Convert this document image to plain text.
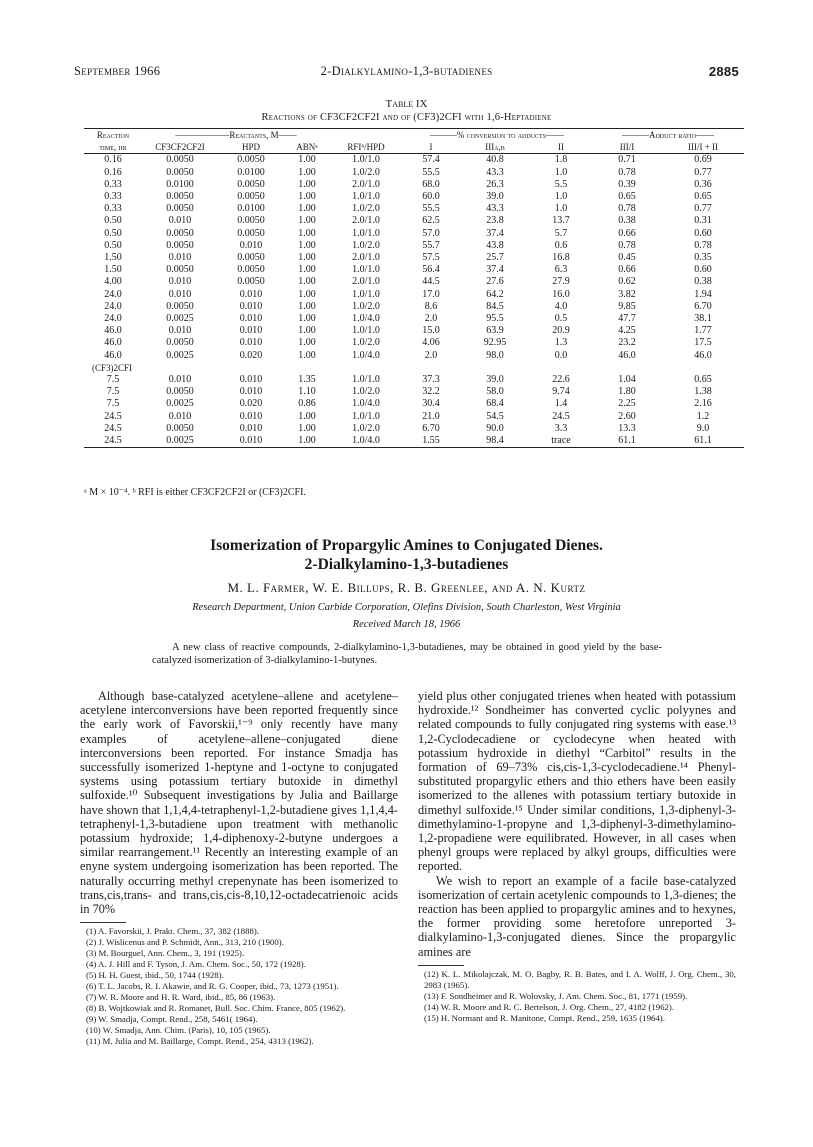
September 1966	2-Dialkylamino-1,3-butadienes	2885
Table IX
Reactions of CF3CF2CF2I and of (CF3)2CFI with 1,6-Heptadiene
Reaction	——————Reactants, M——				———% conversion to adducts——			———Adduct ratio——	
time, hr	CF3CF2CF2I	HPD	ABNᵃ	RFIᵇ/HPD	I	IIIa,b	II	III/I	III/I + II
0.16	0.0050	0.0050	1.00	1.0/1.0	57.4	40.8	1.8	0.71	0.69
0.16	0.0050	0.0100	1.00	1.0/2.0	55.5	43.3	1.0	0.78	0.77
0.33	0.0100	0.0050	1.00	2.0/1.0	68.0	26.3	5.5	0.39	0.36
0.33	0.0050	0.0050	1.00	1.0/1.0	60.0	39.0	1.0	0.65	0.65
0.33	0.0050	0.0100	1.00	1.0/2.0	55.5	43.3	1.0	0.78	0.77
0.50	0.010	0.0050	1.00	2.0/1.0	62.5	23.8	13.7	0.38	0.31
0.50	0.0050	0.0050	1.00	1.0/1.0	57.0	37.4	5.7	0.66	0.60
0.50	0.0050	0.010	1.00	1.0/2.0	55.7	43.8	0.6	0.78	0.78
1.50	0.010	0.0050	1.00	2.0/1.0	57.5	25.7	16.8	0.45	0.35
1.50	0.0050	0.0050	1.00	1.0/1.0	56.4	37.4	6.3	0.66	0.60
4.00	0.010	0.0050	1.00	2.0/1.0	44.5	27.6	27.9	0.62	0.38
24.0	0.010	0.010	1.00	1.0/1.0	17.0	64.2	16.0	3.82	1.94
24.0	0.0050	0.010	1.00	1.0/2.0	8.6	84.5	4.0	9.85	6.70
24.0	0.0025	0.010	1.00	1.0/4.0	2.0	95.5	0.5	47.7	38.1
46.0	0.010	0.010	1.00	1.0/1.0	15.0	63.9	20.9	4.25	1.77
46.0	0.0050	0.010	1.00	1.0/2.0	4.06	92.95	1.3	23.2	17.5
46.0	0.0025	0.020	1.00	1.0/4.0	2.0	98.0	0.0	46.0	46.0
(CF3)2CFI									
7.5	0.010	0.010	1.35	1.0/1.0	37.3	39.0	22.6	1.04	0.65
7.5	0.0050	0.010	1.10	1.0/2.0	32.2	58.0	9.74	1.80	1.38
7.5	0.0025	0.020	0.86	1.0/4.0	30.4	68.4	1.4	2.25	2.16
24.5	0.010	0.010	1.00	1.0/1.0	21.0	54.5	24.5	2.60	1.2
24.5	0.0050	0.010	1.00	1.0/2.0	6.70	90.0	3.3	13.3	9.0
24.5	0.0025	0.010	1.00	1.0/4.0	1.55	98.4	trace	61.1	61.1
ᵃ M × 10⁻⁴. ᵇ RFI is either CF3CF2CF2I or (CF3)2CFI.
Isomerization of Propargylic Amines to Conjugated Dienes.
2-Dialkylamino-1,3-butadienes
M. L. Farmer, W. E. Billups, R. B. Greenlee, and A. N. Kurtz
Research Department, Union Carbide Corporation, Olefins Division, South Charleston, West Virginia
Received March 18, 1966
A new class of reactive compounds, 2-dialkylamino-1,3-butadienes, may be obtained in good yield by the base-catalyzed isomerization of 3-dialkylamino-1-butynes.

Although base-catalyzed acetylene–allene and acetylene–acetylene interconversions have been reported frequently since the early work of Favorskii,¹⁻⁹ only recently have many examples of acetylene–allene–conjugated diene interconversions been reported. For instance Smadja has successfully isomerized 1-heptyne and 1-octyne to conjugated systems using potassium tertiary butoxide in dimethyl sulfoxide.¹⁰ Subsequent investigations by Julia and Baillarge have shown that 1,1,4,4-tetraphenyl-1,2-butadiene gives 1,1,4,4-tetraphenyl-1,3-butadiene upon treatment with methanolic potassium hydroxide; 1,4-diphenoxy-2-butyne undergoes a similar rearrangement.¹¹ Recently an interesting example of an enyne system undergoing isomerization has been reported. The naturally occurring methyl crepenynate has been isomerized to trans,cis,trans- and trans,cis,cis-8,10,12-octadecatrienoic acids in 70%

(1) A. Favorskii, J. Prakt. Chem., 37, 382 (1888).
(2) J. Wislicenus and P. Schmidt, Ann., 313, 210 (1900).
(3) M. Bourguel, Ann. Chem., 3, 191 (1925).
(4) A. J. Hill and F. Tyson, J. Am. Chem. Soc., 50, 172 (1928).
(5) H. H. Guest, ibid., 50, 1744 (1928).
(6) T. L. Jacobs, R. I. Akawie, and R. G. Cooper, ibid., 73, 1273 (1951).
(7) W. R. Moore and H. R. Ward, ibid., 85, 86 (1963).
(8) B. Wojtkowiak and R. Romanet, Bull. Soc. Chim. France, 805 (1962).
(9) W. Smadja, Compt. Rend., 258, 5461( 1964).
(10) W. Smadja, Ann. Chim. (Paris), 10, 105 (1965).
(11) M. Julia and M. Baillarge, Compt. Rend., 254, 4313 (1962).

yield plus other conjugated trienes when heated with potassium hydroxide.¹² Sondheimer has converted cyclic polyynes and related compounds to fully conjugated ring systems with ease.¹³ 1,2-Cyclodecadiene or cyclodecyne when heated with potassium hydroxide in diethyl “Carbitol” results in the formation of 69–73% cis,cis-1,3-cyclodecadiene.¹⁴ Phenyl-substituted propargylic ethers and thio ethers have been easily isomerized to the allenes with potassium tertiary butoxide in dimethyl sulfoxide.¹⁵ Under similar conditions, 1,3-diphenyl-3-dimethylamino-1-propyne and 1,3-diphenyl-3-dimethylamino-1,2-propadiene were equilibrated. However, in all cases when phenyl groups were replaced by alkyl groups, difficulties were reported.

We wish to report an example of a facile base-catalyzed isomerization of certain acetylenic compounds to 1,3-dienes; the reaction has been applied to propargylic amines and to hexynes, the former providing some heretofore unreported 3-dialkylamino-1,3-conjugated dienes. Since the propargylic amines are

(12) K. L. Mikolajczak, M. O. Bagby, R. B. Bates, and I. A. Wolff, J. Org. Chem., 30, 2983 (1965).
(13) F. Sondheimer and R. Wolovsky, J. Am. Chem. Soc., 81, 1771 (1959).
(14) W. R. Moore and R. C. Bertelson, J. Org. Chem., 27, 4182 (1962).
(15) H. Normant and R. Manitone, Compt. Rend., 259, 1635 (1964).
